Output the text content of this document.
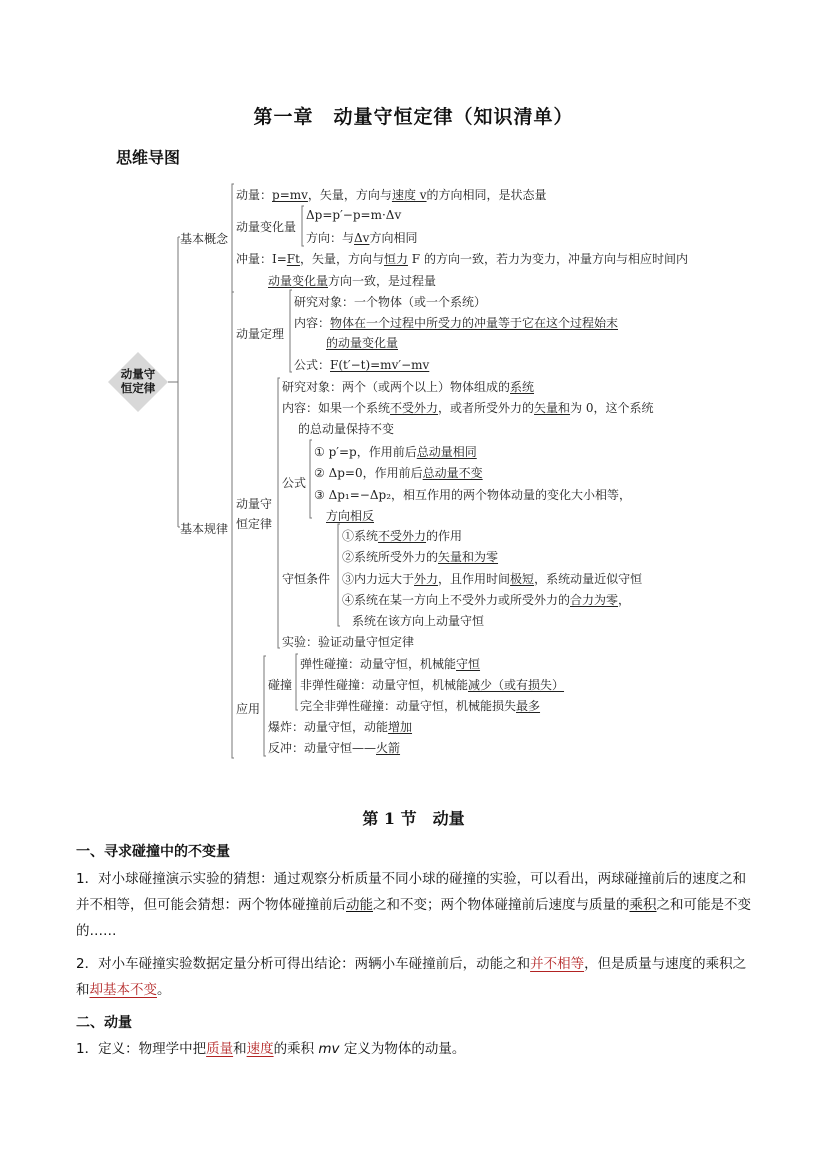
第一章　动量守恒定律（知识清单）
思维导图
动量守
恒定律
基本概念
动量：p=mv，矢量，方向与速度 v的方向相同，是状态量
动量变化量
Δp=p′−p=m·Δv
方向：与Δv方向相同
冲量：I=Ft，矢量，方向与恒力 F 的方向一致，若力为变力，冲量方向与相应时间内
动量变化量方向一致，是过程量
基本规律
动量定理
研究对象：一个物体（或一个系统）
内容：物体在一个过程中所受力的冲量等于它在这个过程始末
的动量变化量
公式：F(t′−t)=mv′−mv
动量守
恒定律
研究对象：两个（或两个以上）物体组成的系统
内容：如果一个系统不受外力，或者所受外力的矢量和为 0，这个系统
的总动量保持不变
公式
① p′=p，作用前后总动量相同
② Δp=0，作用前后总动量不变
③ Δp₁=−Δp₂，相互作用的两个物体动量的变化大小相等，
方向相反
守恒条件
①系统不受外力的作用
②系统所受外力的矢量和为零
③内力远大于外力，且作用时间极短，系统动量近似守恒
④系统在某一方向上不受外力或所受外力的合力为零，
系统在该方向上动量守恒
实验：验证动量守恒定律
应用
碰撞
弹性碰撞：动量守恒，机械能守恒
非弹性碰撞：动量守恒，机械能减少（或有损失）
完全非弹性碰撞：动量守恒，机械能损失最多
爆炸：动量守恒，动能增加
反冲：动量守恒——火箭
第 1 节　动量
一、寻求碰撞中的不变量
1．对小球碰撞演示实验的猜想：通过观察分析质量不同小球的碰撞的实验，可以看出，两球碰撞前后的速度之和并不相等，但可能会猜想：两个物体碰撞前后动能之和不变；两个物体碰撞前后速度与质量的乘积之和可能是不变的……
2．对小车碰撞实验数据定量分析可得出结论：两辆小车碰撞前后，动能之和并不相等，但是质量与速度的乘积之和却基本不变。
二、动量
1．定义：物理学中把质量和速度的乘积 mv 定义为物体的动量。
